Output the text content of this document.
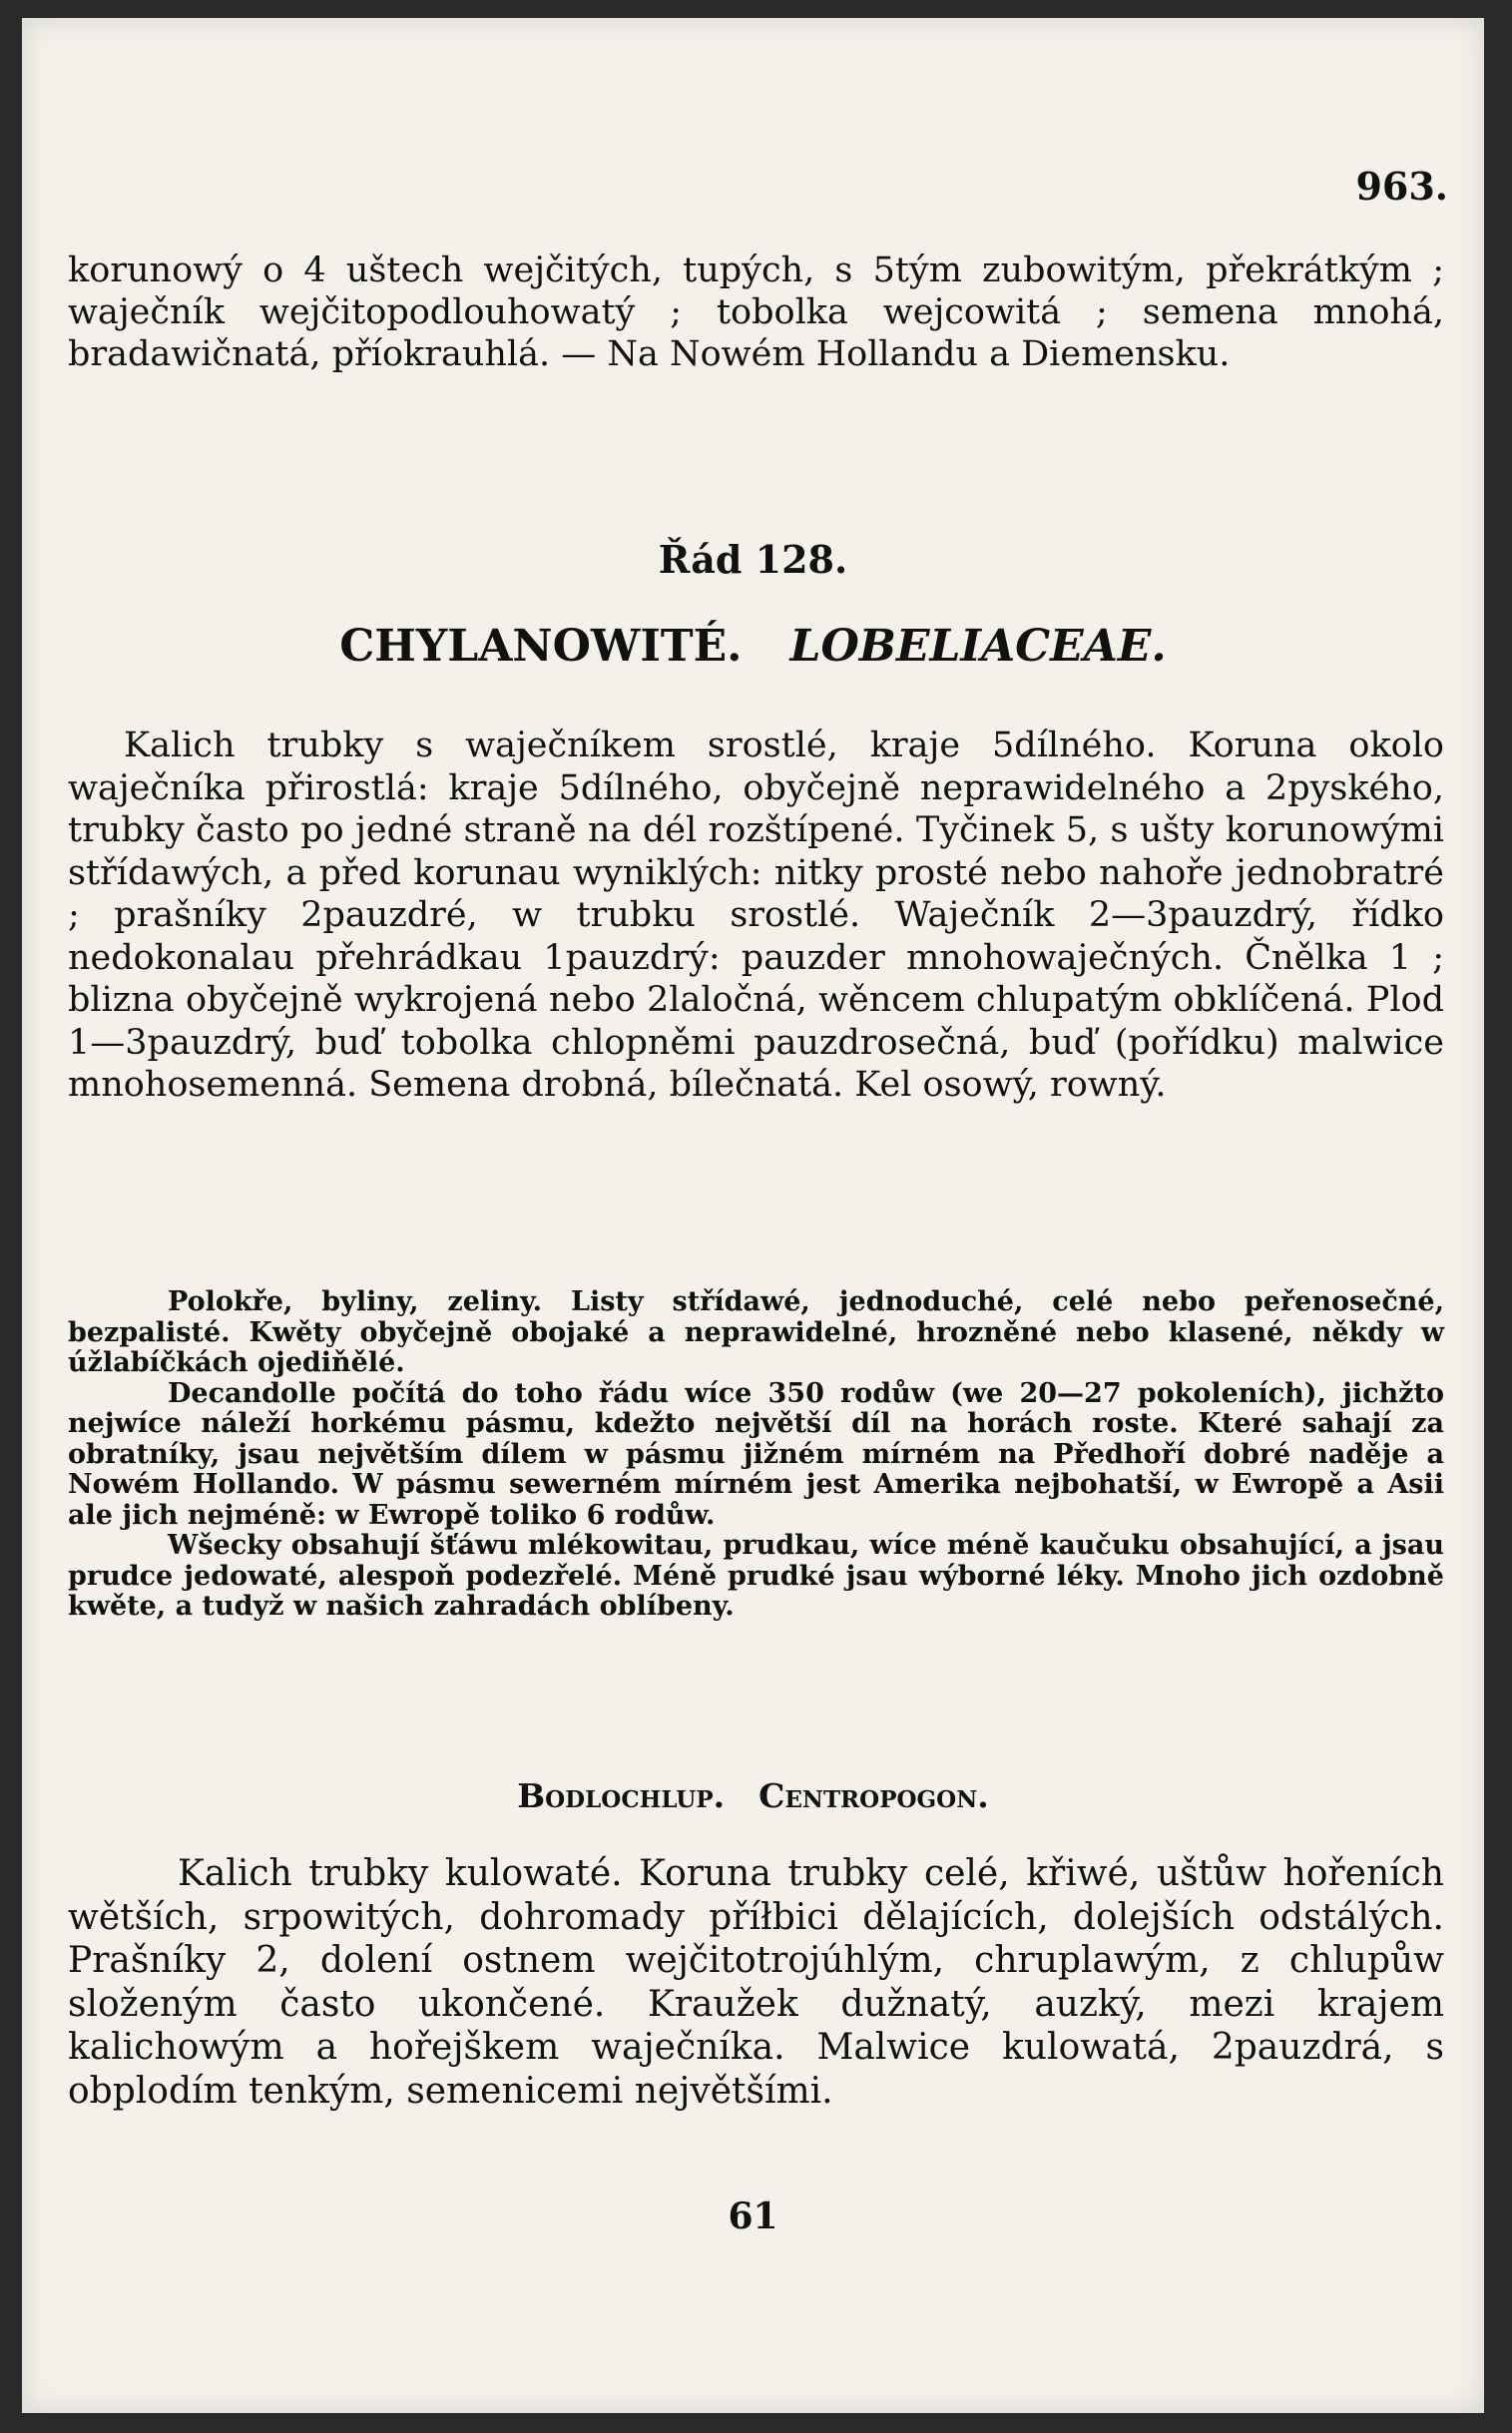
963.
korunowý o 4 uštech wejčitých, tupých, s 5tým zubowitým, překrátkým ; waječník wejčitopodlouhowatý ; tobolka wejcowitá ; semena mnohá, bradawičnatá, příokrauhlá. — Na Nowém Hollandu a Diemensku.
Řád 128.
CHYLANOWITÉ. LOBELIACEAE.
Kalich trubky s waječníkem srostlé, kraje 5dílného. Koruna okolo waječníka přirostlá: kraje 5dílného, obyčejně neprawidelného a 2pyského, trubky často po jedné straně na dél rozštípené. Tyčinek 5, s ušty korunowými střídawých, a před korunau wyniklých: nitky prosté nebo nahoře jednobratré ; prašníky 2pauzdré, w trubku srostlé. Waječník 2—3pauzdrý, řídko nedokonalau přehrádkau 1pauzdrý: pauzder mnohowaječných. Čnělka 1 ; blizna obyčejně wykrojená nebo 2laločná, wěncem chlupatým obklíčená. Plod 1—3pauzdrý, buď tobolka chlopněmi pauzdrosečná, buď (pořídku) malwice mnohosemenná. Semena drobná, bílečnatá. Kel osowý, rowný.

Polokře, byliny, zeliny. Listy střídawé, jednoduché, celé nebo peřenosečné, bezpalisté. Kwěty obyčejně obojaké a neprawidelné, hrozněné nebo klasené, někdy w úžlabíčkách ojediňělé.

Decandolle počítá do toho řádu wíce 350 rodůw (we 20—27 pokoleních), jichžto nejwíce náleží horkému pásmu, kdežto největší díl na horách roste. Které sahají za obratníky, jsau největším dílem w pásmu jižném mírném na Předhoří dobré naděje a Nowém Hollando. W pásmu sewerném mírném jest Amerika nejbohatší, w Ewropě a Asii ale jich nejméně: w Ewropě toliko 6 rodůw.

Wšecky obsahují šťáwu mlékowitau, prudkau, wíce méně kaučuku obsahující, a jsau prudce jedowaté, alespoň podezřelé. Méně prudké jsau wýborné léky. Mnoho jich ozdobně kwěte, a tudyž w našich zahradách oblíbeny.

Bodlochlup. Centropogon.
Kalich trubky kulowaté. Koruna trubky celé, křiwé, uštůw hořeních wětších, srpowitých, dohromady příłbici dělajících, dolejších odstálých. Prašníky 2, dolení ostnem wejčitotrojúhlým, chruplawým, z chlupůw složeným často ukončené. Kraužek dužnatý, auzký, mezi krajem kalichowým a hořejškem waječníka. Malwice kulowatá, 2pauzdrá, s obplodím tenkým, semenicemi největšími.
61
